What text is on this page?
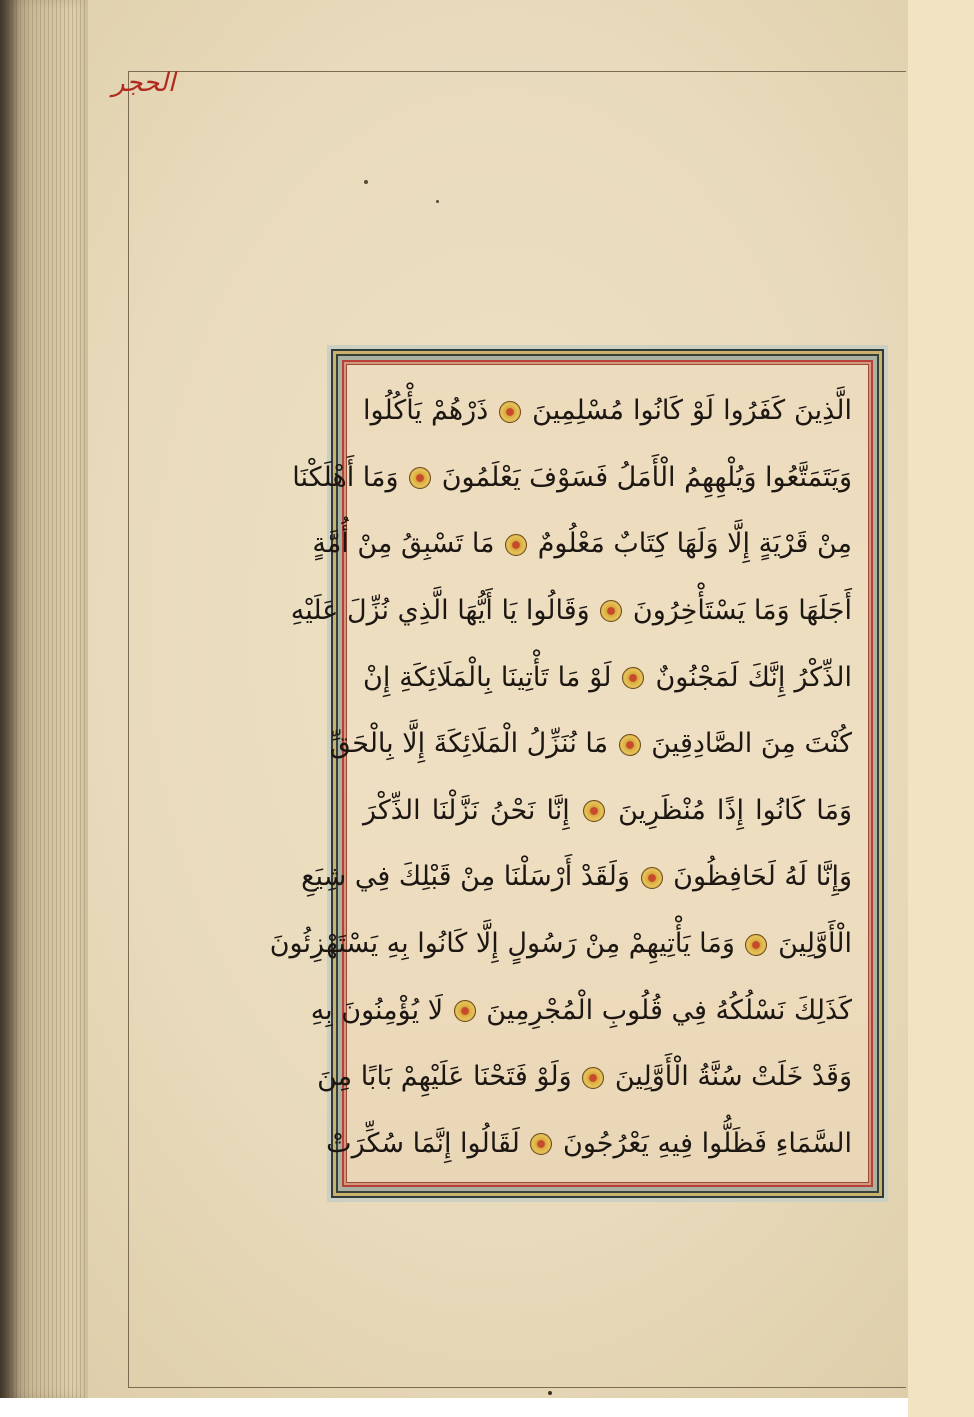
الحجر
الَّذِينَ كَفَرُوا لَوْ كَانُوا مُسْلِمِينَ  ذَرْهُمْ يَأْكُلُوا
وَيَتَمَتَّعُوا وَيُلْهِهِمُ الْأَمَلُ فَسَوْفَ يَعْلَمُونَ  وَمَا أَهْلَكْنَا
مِنْ قَرْيَةٍ إِلَّا وَلَهَا كِتَابٌ مَعْلُومٌ  مَا تَسْبِقُ مِنْ أُمَّةٍ
أَجَلَهَا وَمَا يَسْتَأْخِرُونَ  وَقَالُوا يَا أَيُّهَا الَّذِي نُزِّلَ عَلَيْهِ
الذِّكْرُ إِنَّكَ لَمَجْنُونٌ  لَوْ مَا تَأْتِينَا بِالْمَلَائِكَةِ إِنْ
كُنْتَ مِنَ الصَّادِقِينَ  مَا نُنَزِّلُ الْمَلَائِكَةَ إِلَّا بِالْحَقِّ
وَمَا كَانُوا إِذًا مُنْظَرِينَ  إِنَّا نَحْنُ نَزَّلْنَا الذِّكْرَ
وَإِنَّا لَهُ لَحَافِظُونَ  وَلَقَدْ أَرْسَلْنَا مِنْ قَبْلِكَ فِي شِيَعِ
الْأَوَّلِينَ  وَمَا يَأْتِيهِمْ مِنْ رَسُولٍ إِلَّا كَانُوا بِهِ يَسْتَهْزِئُونَ
كَذَلِكَ نَسْلُكُهُ فِي قُلُوبِ الْمُجْرِمِينَ  لَا يُؤْمِنُونَ بِهِ
وَقَدْ خَلَتْ سُنَّةُ الْأَوَّلِينَ  وَلَوْ فَتَحْنَا عَلَيْهِمْ بَابًا مِنَ
السَّمَاءِ فَظَلُّوا فِيهِ يَعْرُجُونَ  لَقَالُوا إِنَّمَا سُكِّرَتْ
